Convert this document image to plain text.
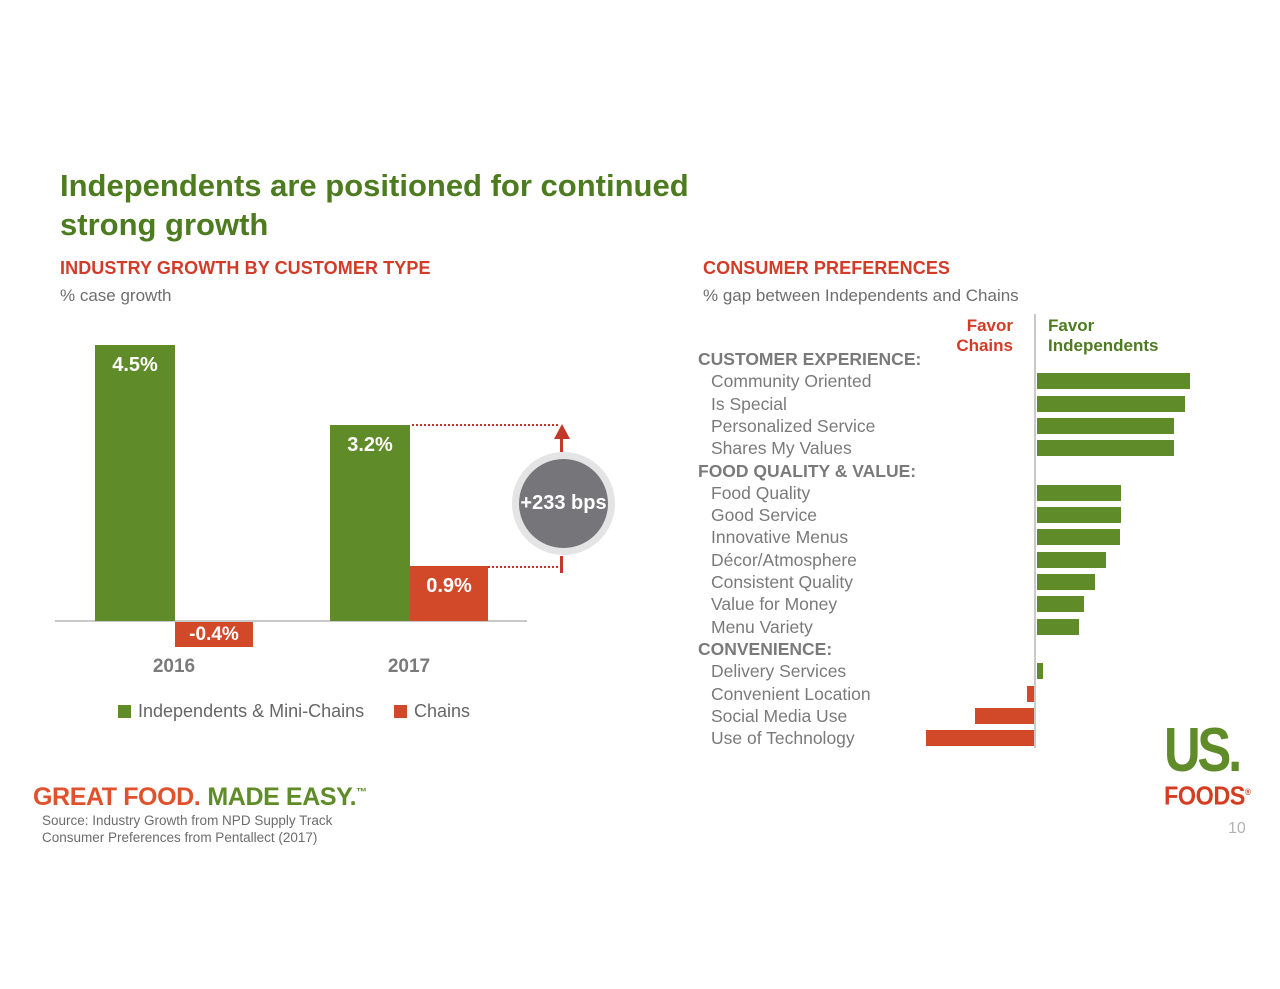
Independents are positioned for continued
strong growth
INDUSTRY GROWTH BY CUSTOMER TYPE
% case growth
CONSUMER PREFERENCES
% gap between Independents and Chains
4.5%
3.2%
-0.4%
0.9%
2016	2017
Independents & Mini-Chains	Chains
+233 bps
Favor
Chains
Favor
Independents
CUSTOMER EXPERIENCE:
Community Oriented
Is Special
Personalized Service
Shares My Values
FOOD QUALITY & VALUE:
Food Quality
Good Service
Innovative Menus
Décor/Atmosphere
Consistent Quality
Value for Money
Menu Variety
CONVENIENCE:
Delivery Services
Convenient Location
Social Media Use
Use of Technology
GREAT FOOD. MADE EASY.™
Source: Industry Growth from NPD Supply Track
Consumer Preferences from Pentallect (2017)
US.
FOODS®
10
